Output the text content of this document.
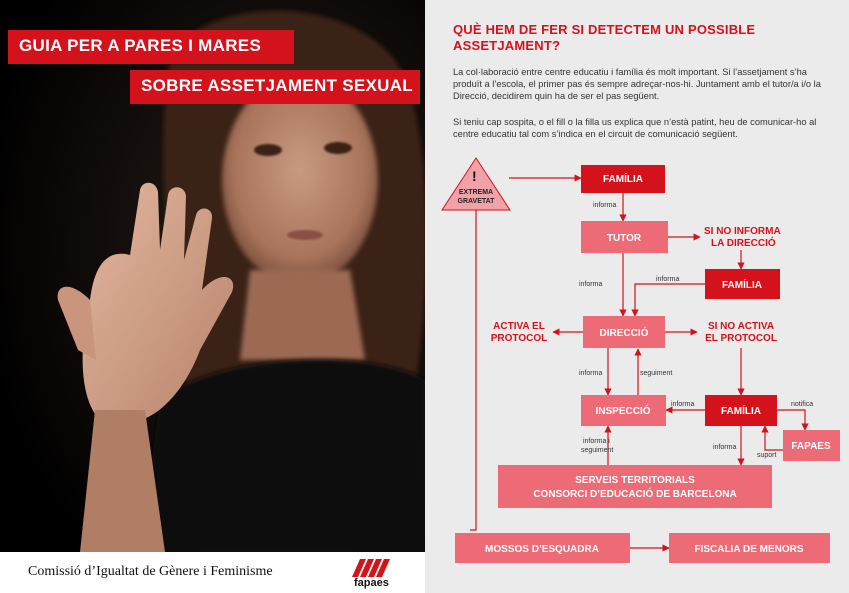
GUIA PER A PARES I MARES
SOBRE ASSETJAMENT SEXUAL
Comissió d’Igualtat de Gènere i Feminisme
fapaes
QUÈ HEM DE FER SI DETECTEM UN POSSIBLE ASSETJAMENT?

La col·laboració entre centre educatiu i família és molt important. Si l’assetjament s’ha produït a l’escola, el primer pas és sempre adreçar-nos-hi. Juntament amb el tutor/a i/o la Direcció, decidirem quin ha de ser el pas següent.

Si teniu cap sospita, o el fill o la filla us explica que n’està patint, heu de comunicar-ho al centre educatiu tal com s’indica en el circuit de comunicació següent.

!
EXTREMA
GRAVETAT
FAMÍLIA
TUTOR
SI NO INFORMA
LA DIRECCIÓ
FAMÍLIA
DIRECCIÓ
ACTIVA EL
PROTOCOL
SI NO ACTIVA
EL PROTOCOL
INSPECCIÓ	FAMÍLIA
FAPAES
SERVEIS TERRITORIALS
CONSORCI D’EDUCACIÓ DE BARCELONA
MOSSOS D’ESQUADRA	FISCALIA DE MENORS
informa
informa
informa
informa	seguiment
informa	notifica
informa i
seguiment	informa
suport
